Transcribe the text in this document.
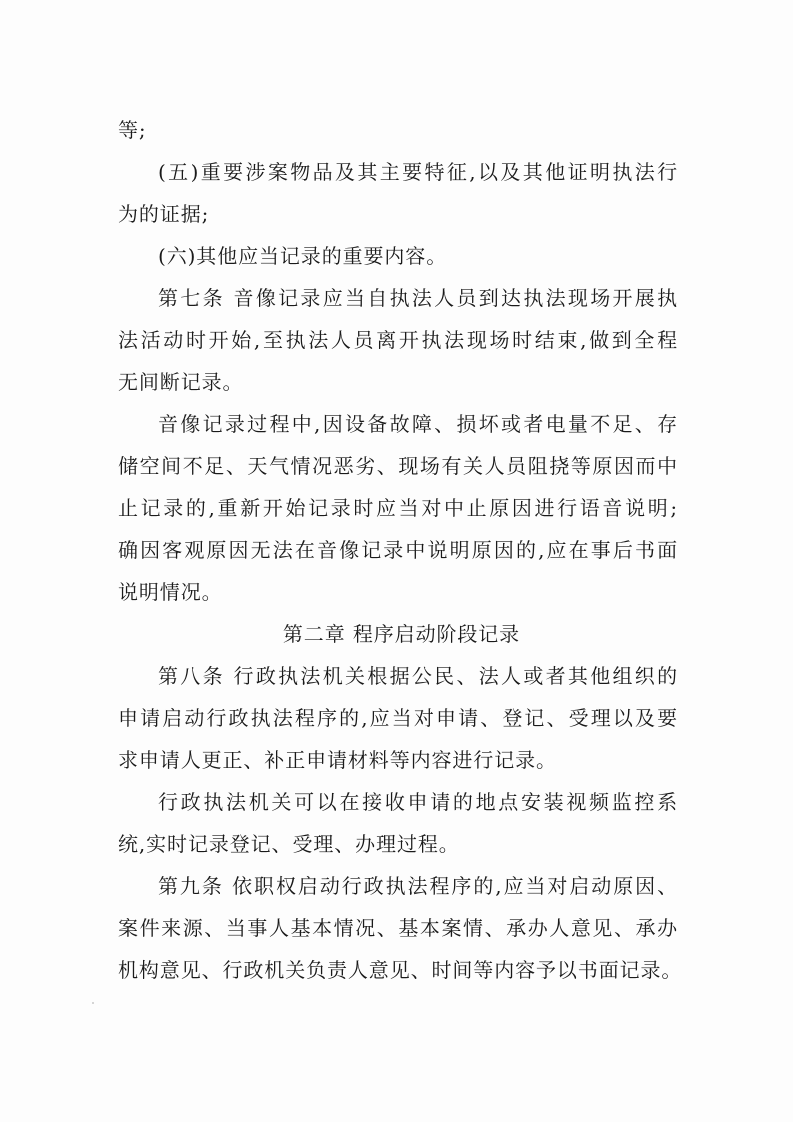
等;
(五)重要涉案物品及其主要特征,以及其他证明执法行
为的证据;
(六)其他应当记录的重要内容。
第七条 音像记录应当自执法人员到达执法现场开展执
法活动时开始,至执法人员离开执法现场时结束,做到全程
无间断记录。
音像记录过程中,因设备故障、损坏或者电量不足、存
储空间不足、天气情况恶劣、现场有关人员阻挠等原因而中
止记录的,重新开始记录时应当对中止原因进行语音说明;
确因客观原因无法在音像记录中说明原因的,应在事后书面
说明情况。
第二章 程序启动阶段记录
第八条 行政执法机关根据公民、法人或者其他组织的
申请启动行政执法程序的,应当对申请、登记、受理以及要
求申请人更正、补正申请材料等内容进行记录。
行政执法机关可以在接收申请的地点安装视频监控系
统,实时记录登记、受理、办理过程。
第九条 依职权启动行政执法程序的,应当对启动原因、
案件来源、当事人基本情况、基本案情、承办人意见、承办
机构意见、行政机关负责人意见、时间等内容予以书面记录。
